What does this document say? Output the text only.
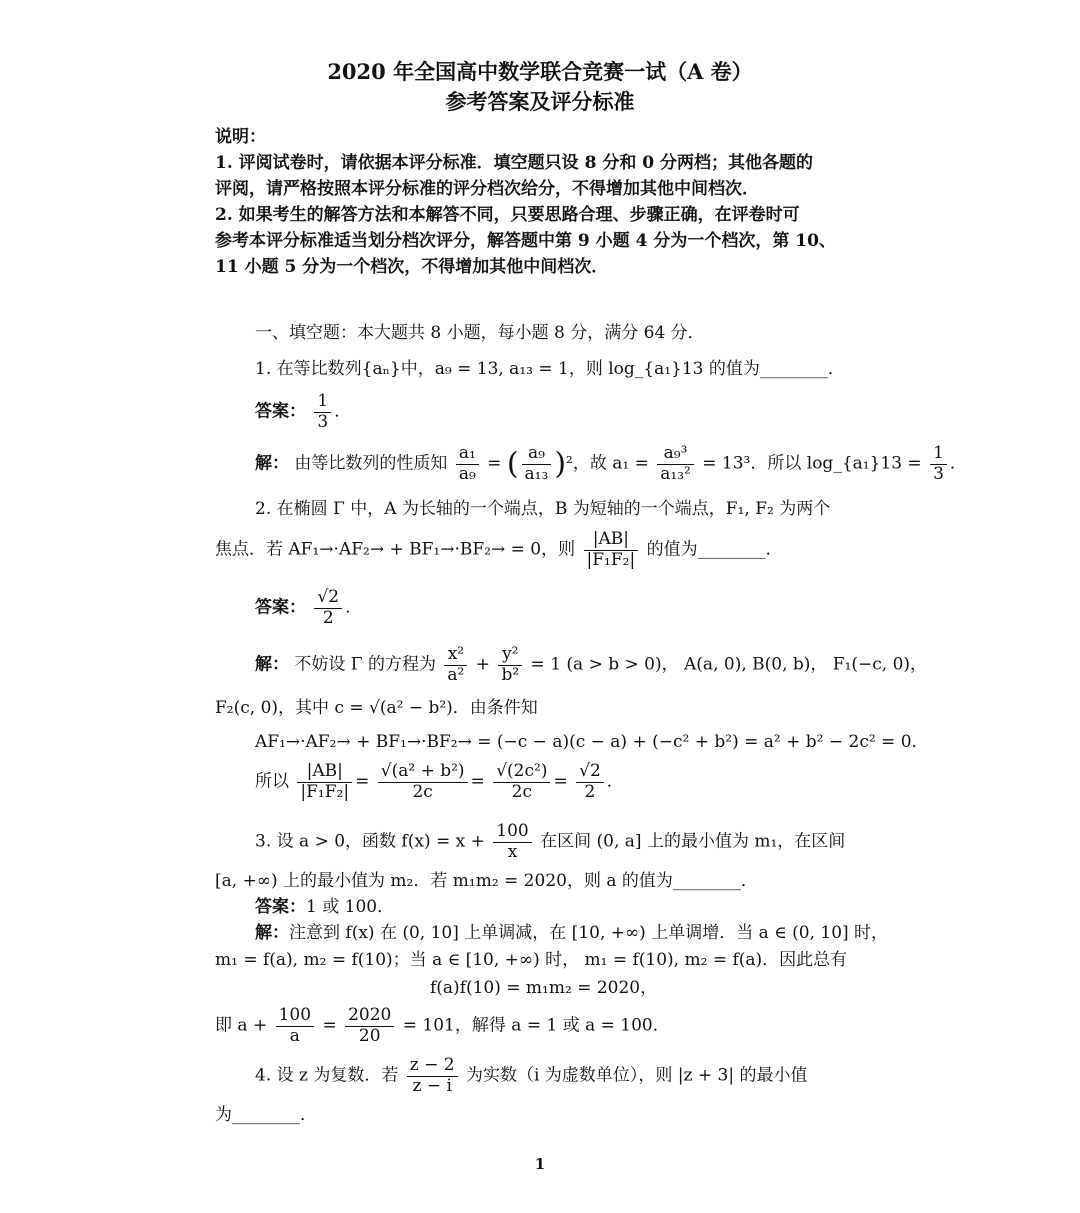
2020 年全国高中数学联合竞赛一试（A 卷）
参考答案及评分标准
说明：
1. 评阅试卷时，请依据本评分标准．填空题只设 8 分和 0 分两档；其他各题的
评阅，请严格按照本评分标准的评分档次给分，不得增加其他中间档次．
2. 如果考生的解答方法和本解答不同，只要思路合理、步骤正确，在评卷时可
参考本评分标准适当划分档次评分，解答题中第 9 小题 4 分为一个档次，第 10、
11 小题 5 分为一个档次，不得增加其他中间档次．
一、填空题：本大题共 8 小题，每小题 8 分，满分 64 分．
1. 在等比数列{aₙ}中，a₉ = 13, a₁₃ = 1，则 log_{a₁}13 的值为________．
答案： $\frac{1}{3}$ ．
解： 由等比数列的性质知 $\frac{\text{a₁}}{\text{a₉}}$ = ( $\frac{\text{a₉}}{\text{a₁₃}} )^2$，故 $a_1 = \frac{\text{a₉³}}{\text{a₁₃²}} = 13^3$．所以 log_{a₁}13 = $\frac{1}{3}$ ．
2. 在椭圆 Γ 中，A 为长轴的一个端点，B 为短轴的一个端点，F₁, F₂ 为两个
焦点．若 AF₁→·AF₂→ + BF₁→·BF₂→ = 0，则 $\frac{|AB|}{\text{|F₁F₂|}}$ 的值为________．
答案： $\frac{√2}{2}$ ．
解： 不妨设 Γ 的方程为 $\frac{\text{x²}}{\text{a²}} + \frac{\text{y²}}{\text{b²}} = 1$ (a > b > 0)， A(a, 0), B(0, b)， F₁(−c, 0)，
F₂(c, 0)，其中 c = √(a² − b²)．由条件知
AF₁→·AF₂→ + BF₁→·BF₂→ = (−c − a)(c − a) + (−c² + b²) = a² + b² − 2c² = 0．
所以 $\frac{|AB|}{\text{|F₁F₂|}} = \frac{\text{√(a² + b²)}}{2c} = \frac{\text{√(2c²)}}{2c} = \frac{√2}{2}$ ．
3. 设 a > 0，函数 $f(x) = x + \frac{100}{x}$ 在区间 (0, a] 上的最小值为 m₁，在区间
[a, +∞) 上的最小值为 m₂．若 m₁m₂ = 2020，则 a 的值为________．
答案：1 或 100．
解：注意到 f(x) 在 (0, 10] 上单调减，在 [10, +∞) 上单调增．当 a ∈ (0, 10] 时，
m₁ = f(a), m₂ = f(10)；当 a ∈ [10, +∞) 时， m₁ = f(10), m₂ = f(a)．因此总有
f(a)f(10) = m₁m₂ = 2020，
即 $a + \frac{100}{a} = \frac{2020}{20} = 101$，解得 a = 1 或 a = 100．
4. 设 z 为复数．若 $\frac{z - 2}{z - i}$ 为实数（i 为虚数单位），则 |z + 3| 的最小值
为________．
1
